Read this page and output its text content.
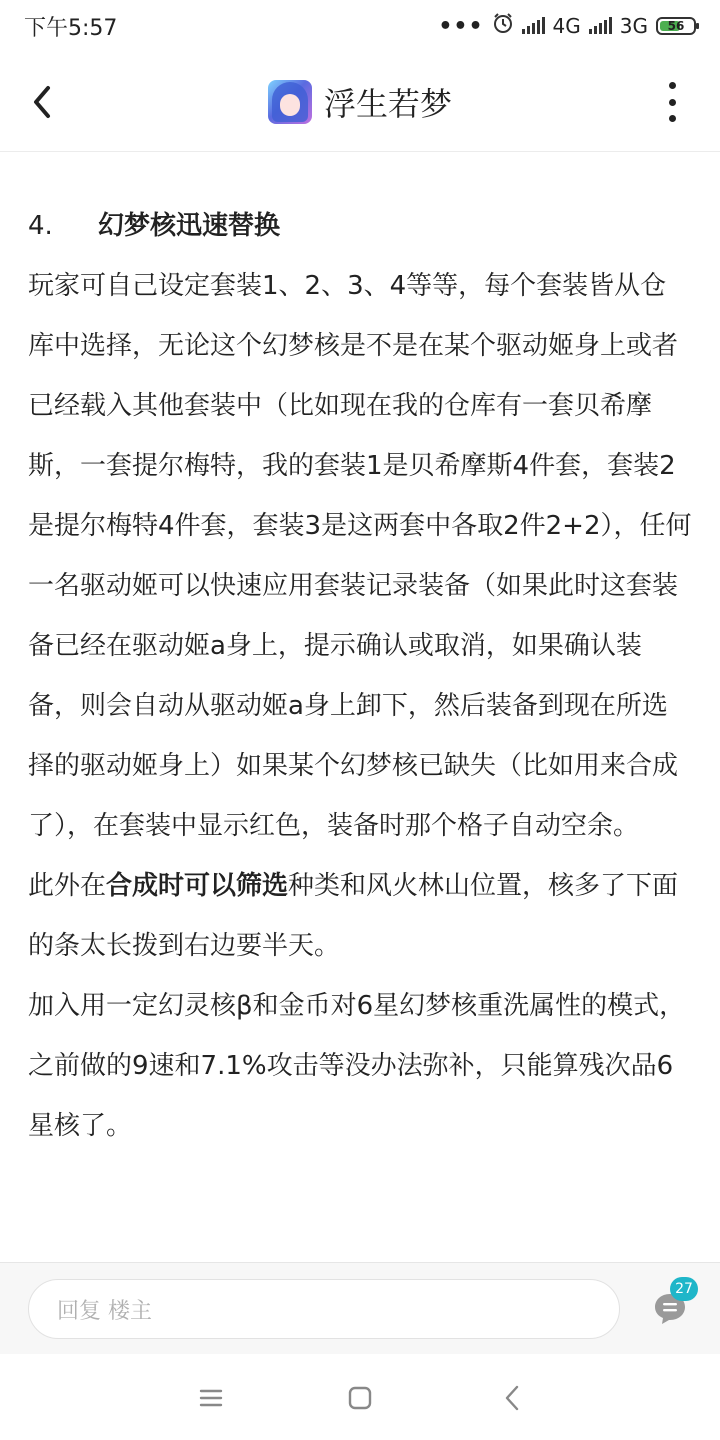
下午5:57	•••	4G 3G 56
浮生若梦
4.	幻梦核迅速替换

玩家可自己设定套装1、2、3、4等等，每个套装皆从仓库中选择，无论这个幻梦核是不是在某个驱动姬身上或者已经载入其他套装中（比如现在我的仓库有一套贝希摩斯，一套提尔梅特，我的套装1是贝希摩斯4件套，套装2是提尔梅特4件套，套装3是这两套中各取2件2+2），任何一名驱动姬可以快速应用套装记录装备（如果此时这套装备已经在驱动姬a身上，提示确认或取消，如果确认装备，则会自动从驱动姬a身上卸下，然后装备到现在所选择的驱动姬身上）如果某个幻梦核已缺失（比如用来合成了），在套装中显示红色，装备时那个格子自动空余。

此外在合成时可以筛选种类和风火林山位置，核多了下面的条太长拨到右边要半天。

加入用一定幻灵核β和金币对6星幻梦核重洗属性的模式，之前做的9速和7.1%攻击等没办法弥补，只能算残次品6星核了。

回复 楼主
27
